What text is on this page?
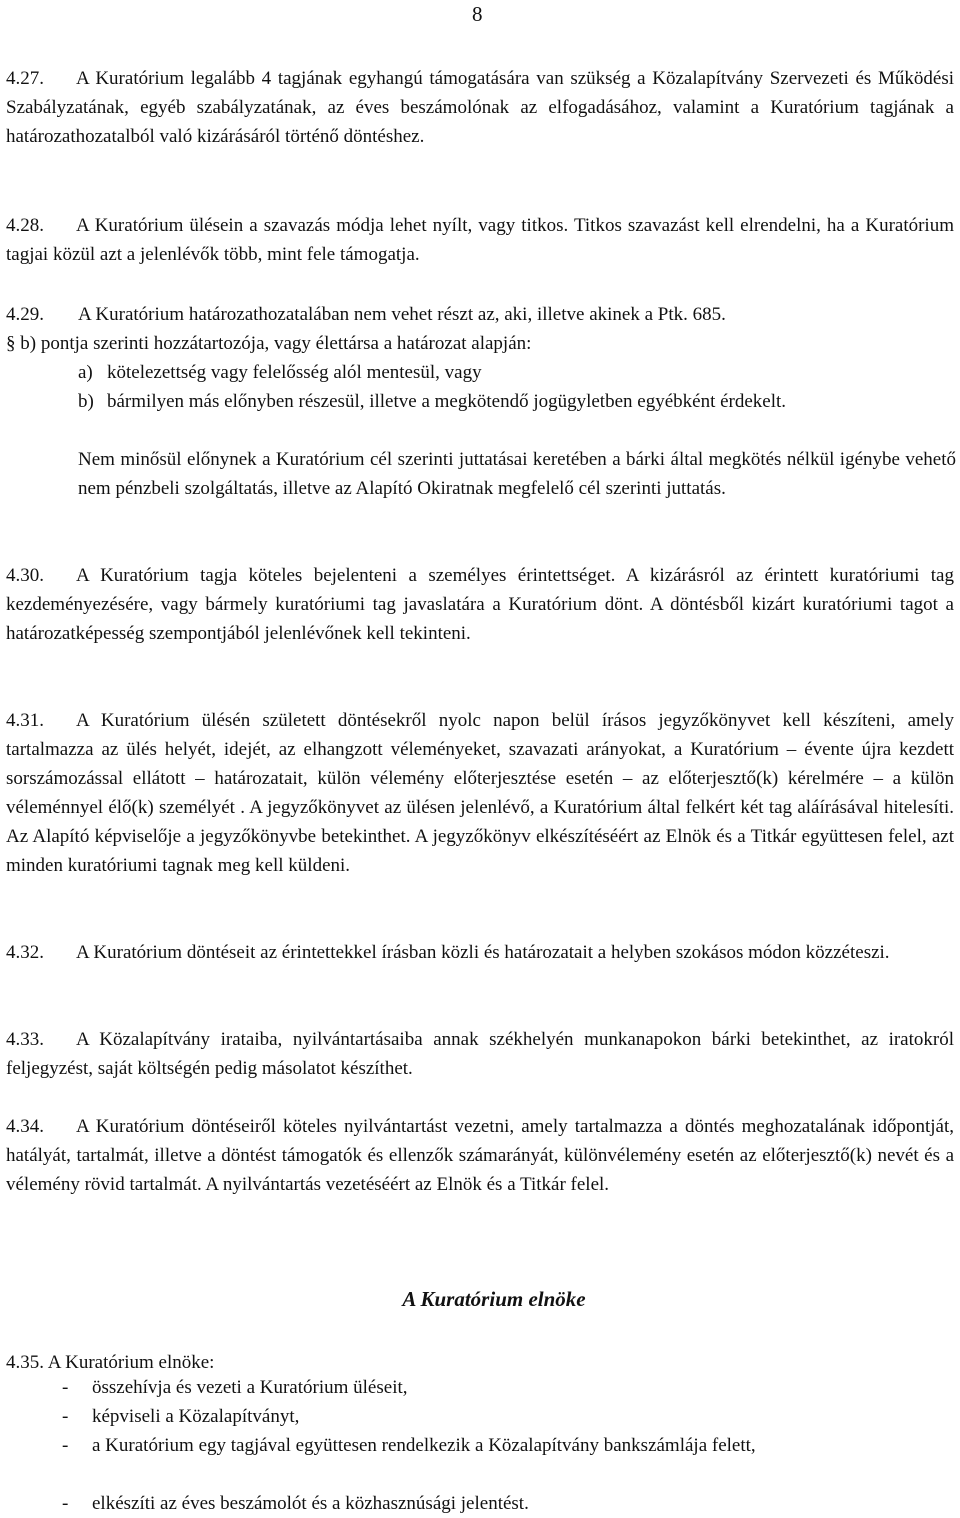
8
4.27. A Kuratórium legalább 4 tagjának egyhangú támogatására van szükség a Közalapítvány Szervezeti és Működési Szabályzatának, egyéb szabályzatának, az éves beszámolónak az elfogadásához, valamint a Kuratórium tagjának a határozathozatalból való kizárásáról történő döntéshez.
4.28. A Kuratórium ülésein a szavazás módja lehet nyílt, vagy titkos. Titkos szavazást kell elrendelni, ha a Kuratórium tagjai közül azt a jelenlévők több, mint fele támogatja.
4.29. A Kuratórium határozathozatalában nem vehet részt az, aki, illetve akinek a Ptk. 685.
§ b) pontja szerinti hozzátartozója, vagy élettársa a határozat alapján:
a) kötelezettség vagy felelősség alól mentesül, vagy
b) bármilyen más előnyben részesül, illetve a megkötendő jogügyletben egyébként érdekelt.
Nem minősül előnynek a Kuratórium cél szerinti juttatásai keretében a bárki által megkötés nélkül igénybe vehető nem pénzbeli szolgáltatás, illetve az Alapító Okiratnak megfelelő cél szerinti juttatás.
4.30. A Kuratórium tagja köteles bejelenteni a személyes érintettséget. A kizárásról az érintett kuratóriumi tag kezdeményezésére, vagy bármely kuratóriumi tag javaslatára a Kuratórium dönt. A döntésből kizárt kuratóriumi tagot a határozatképesség szempontjából jelenlévőnek kell tekinteni.
4.31. A Kuratórium ülésén született döntésekről nyolc napon belül írásos jegyzőkönyvet kell készíteni, amely tartalmazza az ülés helyét, idejét, az elhangzott véleményeket, szavazati arányokat, a Kuratórium – évente újra kezdett sorszámozással ellátott – határozatait, külön vélemény előterjesztése esetén – az előterjesztő(k) kérelmére – a külön véleménnyel élő(k) személyét . A jegyzőkönyvet az ülésen jelenlévő, a Kuratórium által felkért két tag aláírásával hitelesíti. Az Alapító képviselője a jegyzőkönyvbe betekinthet. A jegyzőkönyv elkészítéséért az Elnök és a Titkár együttesen felel, azt minden kuratóriumi tagnak meg kell küldeni.
4.32. A Kuratórium döntéseit az érintettekkel írásban közli és határozatait a helyben szokásos módon közzéteszi.
4.33. A Közalapítvány irataiba, nyilvántartásaiba annak székhelyén munkanapokon bárki betekinthet, az iratokról feljegyzést, saját költségén pedig másolatot készíthet.
4.34. A Kuratórium döntéseiről köteles nyilvántartást vezetni, amely tartalmazza a döntés meghozatalának időpontját, hatályát, tartalmát, illetve a döntést támogatók és ellenzők számarányát, különvélemény esetén az előterjesztő(k) nevét és a vélemény rövid tartalmát. A nyilvántartás vezetéséért az Elnök és a Titkár felel.
A Kuratórium elnöke
4.35. A Kuratórium elnöke:
- összehívja és vezeti a Kuratórium üléseit,
- képviseli a Közalapítványt,
- a Kuratórium egy tagjával együttesen rendelkezik a Közalapítvány bankszámlája felett,
- elkészíti az éves beszámolót és a közhasznúsági jelentést.
